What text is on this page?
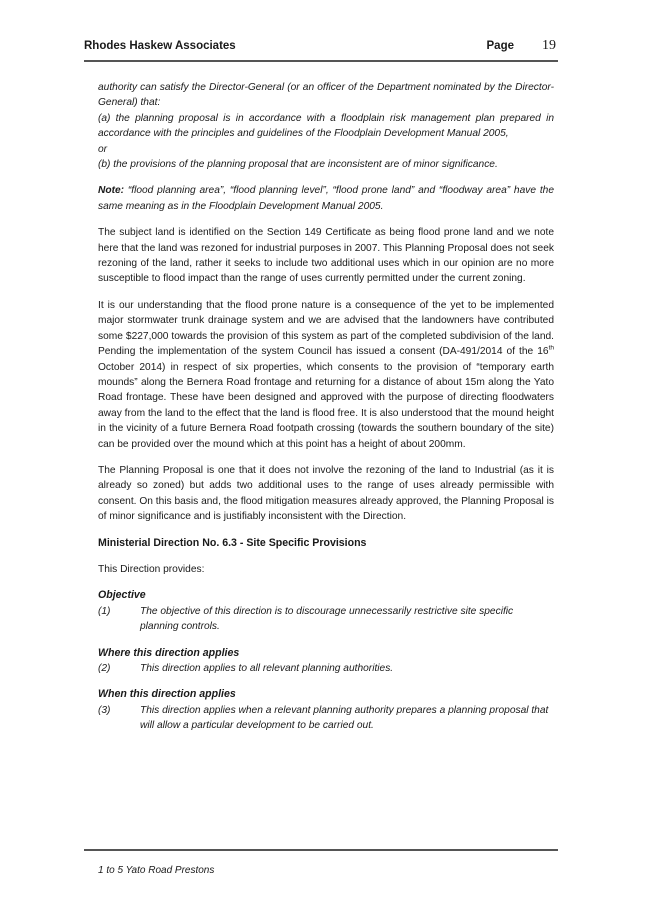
Rhodes Haskew Associates	Page 19

authority can satisfy the Director-General (or an officer of the Department nominated by the Director-General) that:

(a) the planning proposal is in accordance with a floodplain risk management plan prepared in accordance with the principles and guidelines of the Floodplain Development Manual 2005,

or

(b) the provisions of the planning proposal that are inconsistent are of minor significance.

Note: “flood planning area”, “flood planning level”, “flood prone land” and “floodway area” have the same meaning as in the Floodplain Development Manual 2005.

The subject land is identified on the Section 149 Certificate as being flood prone land and we note here that the land was rezoned for industrial purposes in 2007. This Planning Proposal does not seek rezoning of the land, rather it seeks to include two additional uses which in our opinion are no more susceptible to flood impact than the range of uses currently permitted under the current zoning.

It is our understanding that the flood prone nature is a consequence of the yet to be implemented major stormwater trunk drainage system and we are advised that the landowners have contributed some $227,000 towards the provision of this system as part of the completed subdivision of the land. Pending the implementation of the system Council has issued a consent (DA-491/2014 of the 16th October 2014) in respect of six properties, which consents to the provision of “temporary earth mounds” along the Bernera Road frontage and returning for a distance of about 15m along the Yato Road frontage. These have been designed and approved with the purpose of directing floodwaters away from the land to the effect that the land is flood free. It is also understood that the mound height in the vicinity of a future Bernera Road footpath crossing (towards the southern boundary of the site) can be provided over the mound which at this point has a height of about 200mm.

The Planning Proposal is one that it does not involve the rezoning of the land to Industrial (as it is already so zoned) but adds two additional uses to the range of uses already permissible with consent. On this basis and, the flood mitigation measures already approved, the Planning Proposal is of minor significance and is justifiably inconsistent with the Direction.

Ministerial Direction No. 6.3 - Site Specific Provisions

This Direction provides:

Objective

(1)	The objective of this direction is to discourage unnecessarily restrictive site specific planning controls.

Where this direction applies

(2)	This direction applies to all relevant planning authorities.

When this direction applies

(3)	This direction applies when a relevant planning authority prepares a planning proposal that will allow a particular development to be carried out.

1 to 5 Yato Road Prestons
